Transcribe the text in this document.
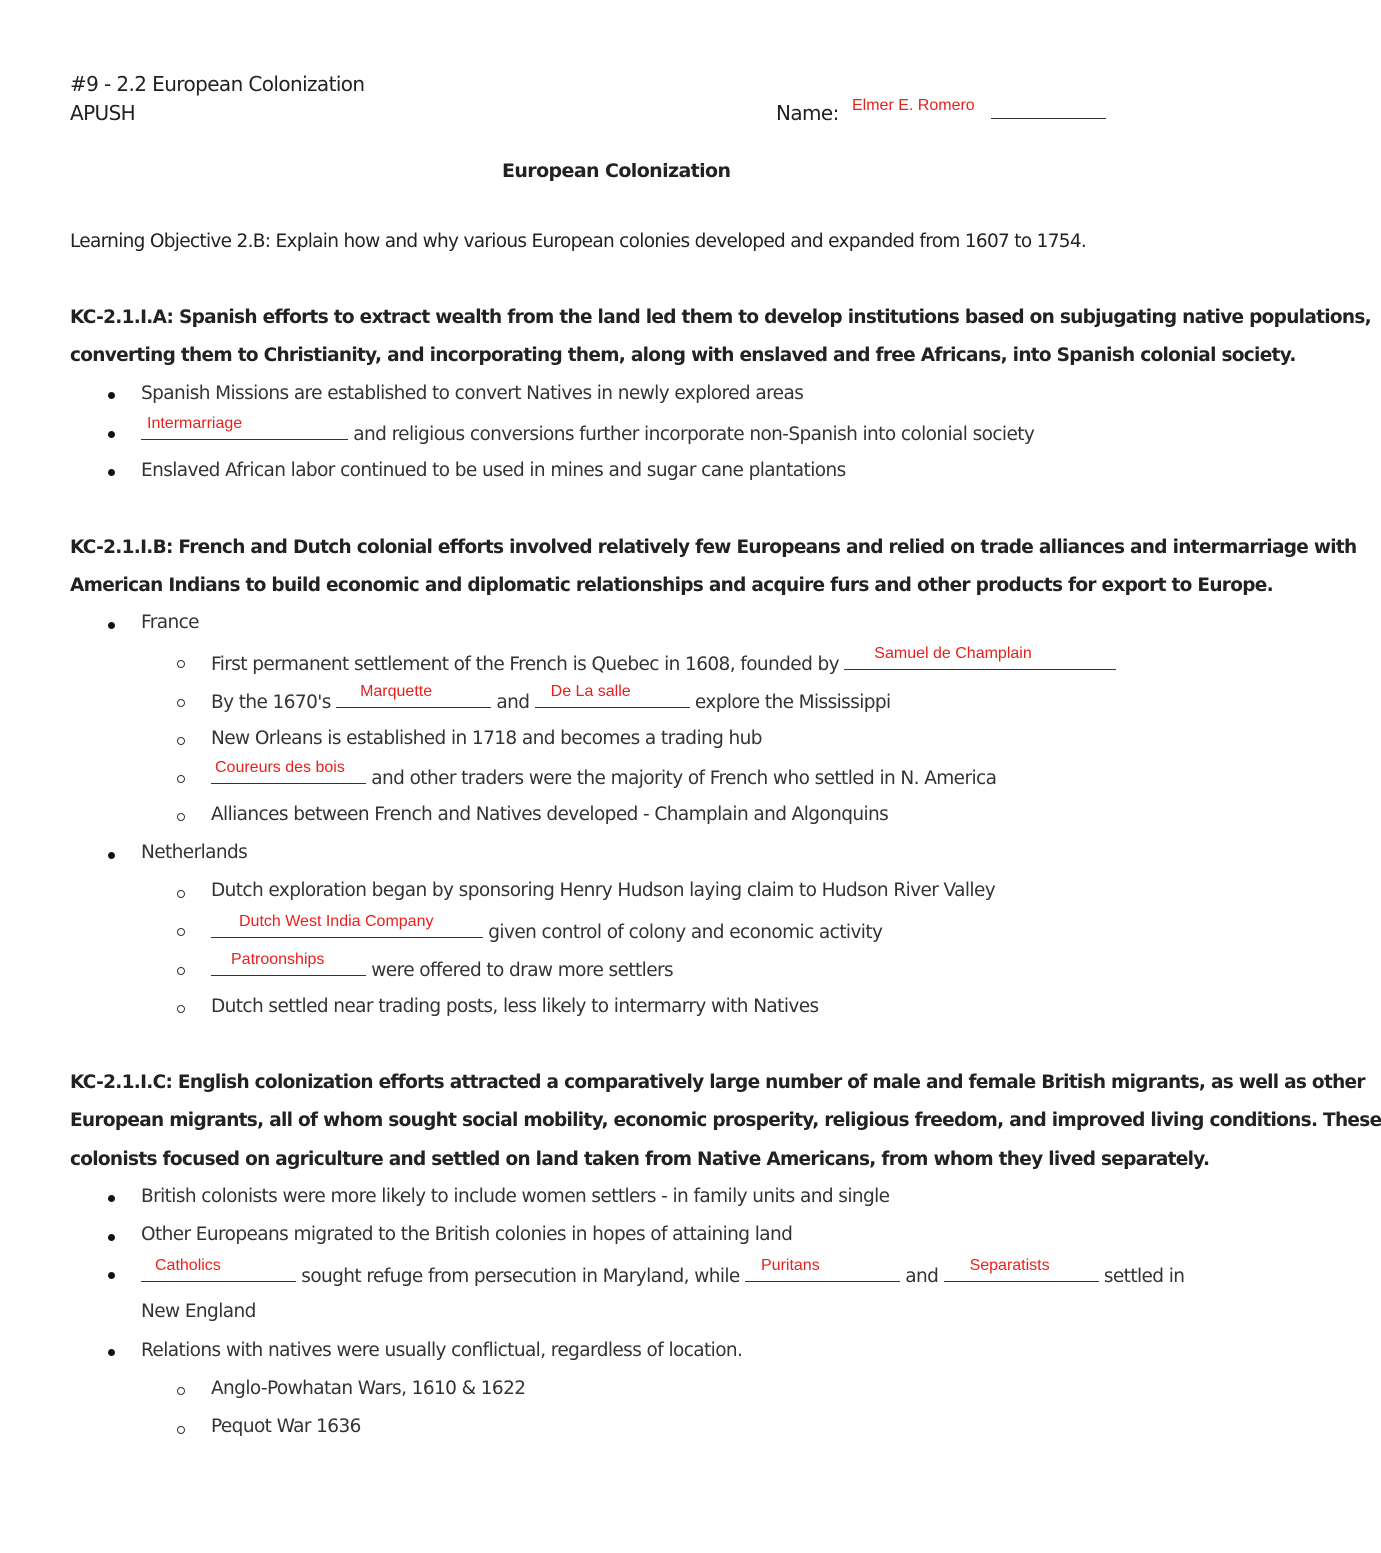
#9 - 2.2 European Colonization
APUSH	Name: Elmer E. Romero
European Colonization
Learning Objective 2.B: Explain how and why various European colonies developed and expanded from 1607 to 1754.
KC-2.1.I.A: Spanish efforts to extract wealth from the land led them to develop institutions based on subjugating native populations,
converting them to Christianity, and incorporating them, along with enslaved and free Africans, into Spanish colonial society.
Spanish Missions are established to convert Natives in newly explored areas
Intermarriage
and religious conversions further incorporate non-Spanish into colonial society
Enslaved African labor continued to be used in mines and sugar cane plantations
KC-2.1.I.B: French and Dutch colonial efforts involved relatively few Europeans and relied on trade alliances and intermarriage with
American Indians to build economic and diplomatic relationships and acquire furs and other products for export to Europe.
France
First permanent settlement of the French is Quebec in 1608, founded by
Samuel de Champlain
By the 1670's
Marquette
and
De La salle
explore the Mississippi
New Orleans is established in 1718 and becomes a trading hub
Coureurs des bois
and other traders were the majority of French who settled in N. America
Alliances between French and Natives developed - Champlain and Algonquins
Netherlands
Dutch exploration began by sponsoring Henry Hudson laying claim to Hudson River Valley
Dutch West India Company
given control of colony and economic activity
Patroonships
were offered to draw more settlers
Dutch settled near trading posts, less likely to intermarry with Natives
KC-2.1.I.C: English colonization efforts attracted a comparatively large number of male and female British migrants, as well as other
European migrants, all of whom sought social mobility, economic prosperity, religious freedom, and improved living conditions. These
colonists focused on agriculture and settled on land taken from Native Americans, from whom they lived separately.
British colonists were more likely to include women settlers - in family units and single
Other Europeans migrated to the British colonies in hopes of attaining land
Catholics
sought refuge from persecution in Maryland, while
Puritans
and
Separatists
settled in
New England
Relations with natives were usually conflictual, regardless of location.
Anglo-Powhatan Wars, 1610 & 1622
Pequot War 1636
